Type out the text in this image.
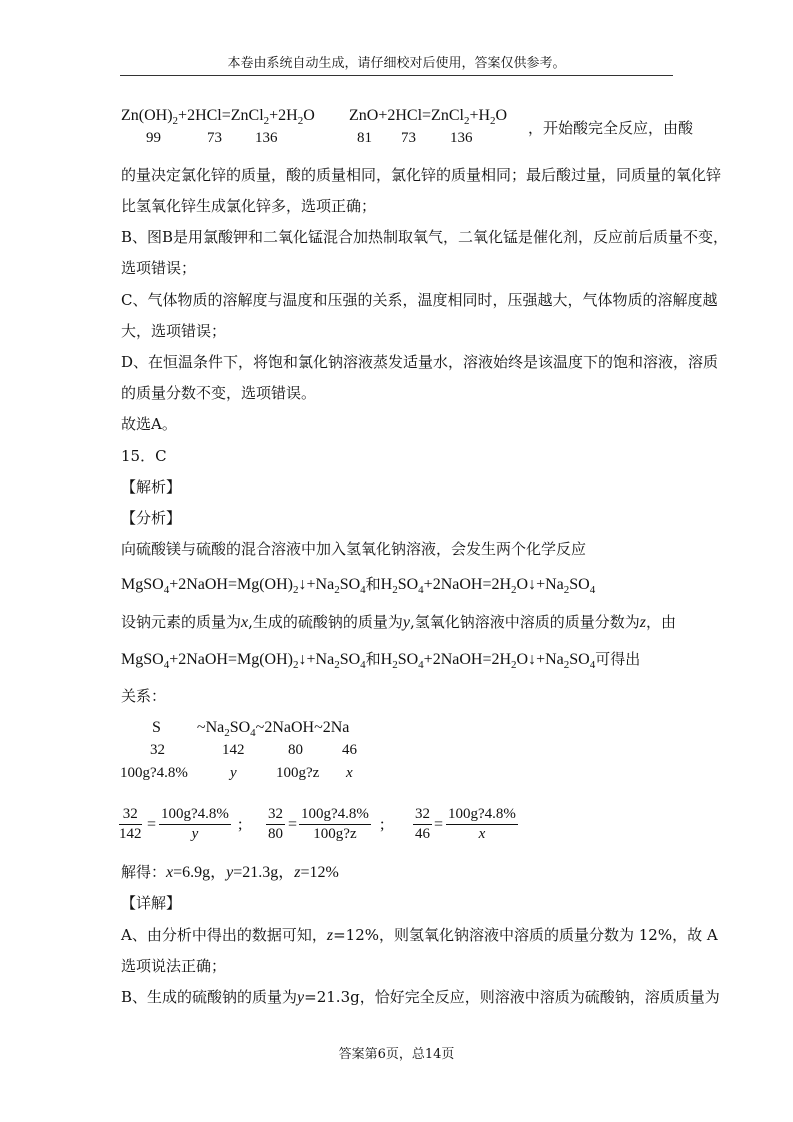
本卷由系统自动生成，请仔细校对后使用，答案仅供参考。
$Zn(OH)_2+2HCl=ZnCl_2+2H_2O$ $ZnO+2HCl=ZnCl_2+H_2O$
，开始酸完全反应，由酸
99	73 136	81 73 136
的量决定氯化锌的质量，酸的质量相同，氯化锌的质量相同；最后酸过量，同质量的氧化锌
比氢氧化锌生成氯化锌多，选项正确；
B、图B是用氯酸钾和二氧化锰混合加热制取氧气，二氧化锰是催化剂，反应前后质量不变，
选项错误；
C、气体物质的溶解度与温度和压强的关系，温度相同时，压强越大，气体物质的溶解度越
大，选项错误；
D、在恒温条件下，将饱和氯化钠溶液蒸发适量水，溶液始终是该温度下的饱和溶液，溶质
的质量分数不变，选项错误。
故选A。
15．C
【解析】
【分析】
向硫酸镁与硫酸的混合溶液中加入氢氧化钠溶液，会发生两个化学反应
$MgSO_4+2NaOH=Mg(OH)_2↓+Na_2SO_4$和$H_2SO_4+2NaOH=2H_2O↓+Na_2SO_4$
设钠元素的质量为x,生成的硫酸钠的质量为y,氢氧化钠溶液中溶质的质量分数为z，由
$MgSO_4+2NaOH=Mg(OH)_2↓+Na_2SO_4$和$H_2SO_4+2NaOH=2H_2O↓+Na_2SO_4$可得出
关系：
S $\sim Na_2SO_4\sim 2NaOH\sim 2Na$
32	142	80	46
100g?4.8%	y	100g?z x
$\frac{32}{142} = \frac{100g?4.8\%}{y}$ ; $\frac{32}{80} = \frac{100g?4.8\%}{100g?z}$ ; $\frac{32}{46} = \frac{100g?4.8\%}{x}$
解得：x=6.9g，y=21.3g，z=12%
【详解】
A、由分析中得出的数据可知，z=12%，则氢氧化钠溶液中溶质的质量分数为 12%，故 A
选项说法正确；
B、生成的硫酸钠的质量为y=21.3g，恰好完全反应，则溶液中溶质为硫酸钠，溶质质量为
答案第6页，总14页
